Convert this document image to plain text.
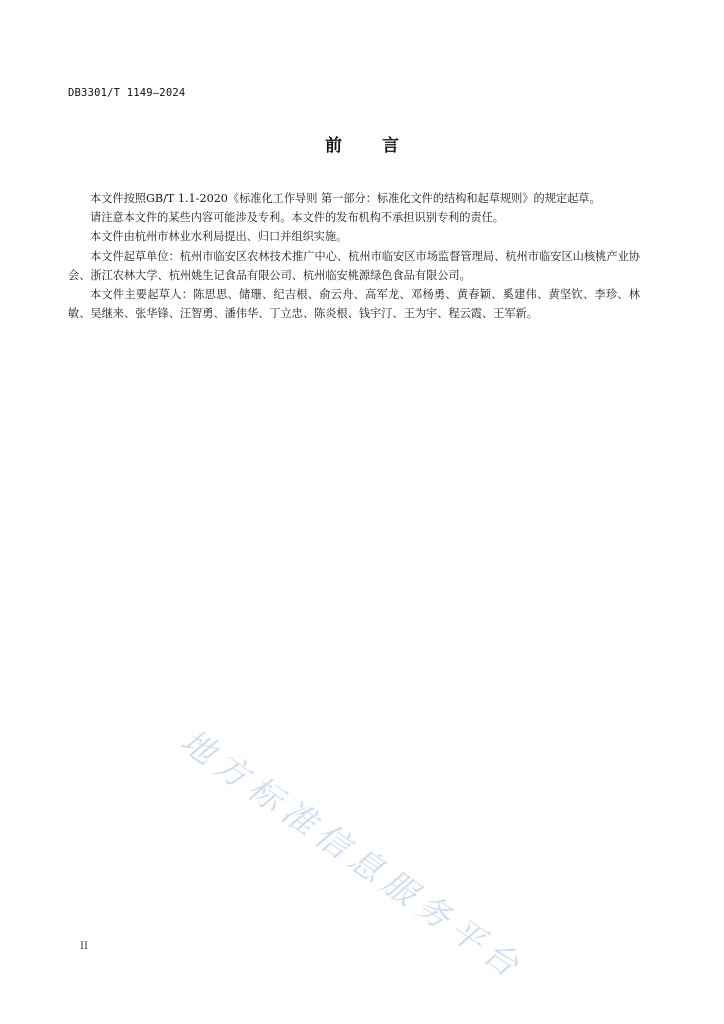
DB3301/T 1149—2024
前 言

本文件按照GB/T 1.1-2020《标准化工作导则 第一部分：标准化文件的结构和起草规则》的规定起草。

请注意本文件的某些内容可能涉及专利。本文件的发布机构不承担识别专利的责任。

本文件由杭州市林业水利局提出、归口并组织实施。

本文件起草单位：杭州市临安区农林技术推广中心、杭州市临安区市场监督管理局、杭州市临安区山核桃产业协会、浙江农林大学、杭州姚生记食品有限公司、杭州临安桃源绿色食品有限公司。

本文件主要起草人：陈思思、储珊、纪吉根、俞云舟、高军龙、邓杨勇、黄春颖、奚建伟、黄坚钦、李珍、林敏、吴继来、张华锋、汪智勇、潘伟华、丁立忠、陈炎根、钱宇汀、王为宇、程云霞、王军新。

地方标准信息服务平台
II
